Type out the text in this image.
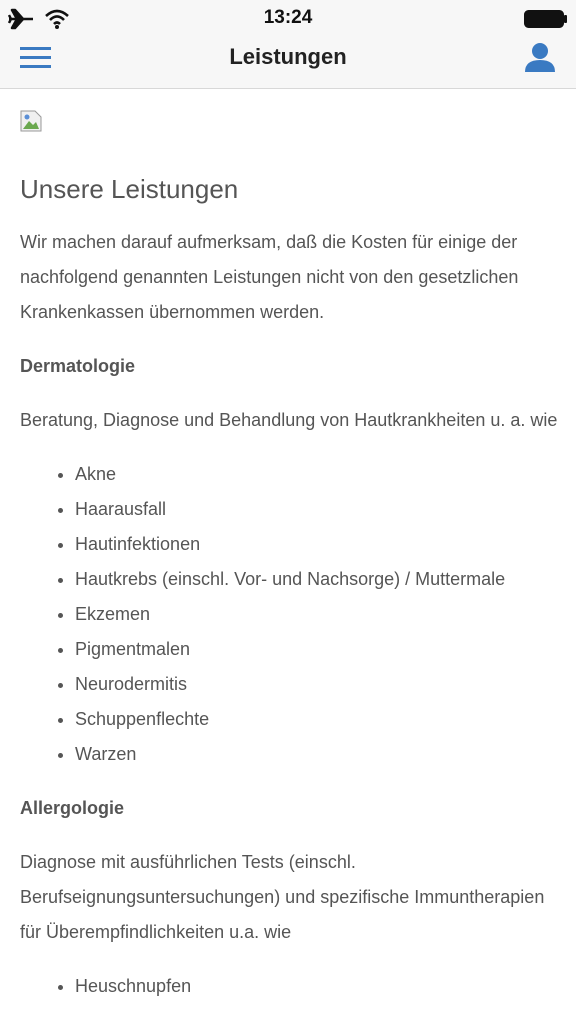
13:24
Leistungen
Unsere Leistungen

Wir machen darauf aufmerksam, daß die Kosten für einige der nachfolgend genannten Leistungen nicht von den gesetzlichen Krankenkassen übernommen werden.

Dermatologie

Beratung, Diagnose und Behandlung von Hautkrankheiten u. a. wie

• Akne
• Haarausfall
• Hautinfektionen
• Hautkrebs (einschl. Vor- und Nachsorge) / Muttermale
• Ekzemen
• Pigmentmalen
• Neurodermitis
• Schuppenflechte
• Warzen

Allergologie

Diagnose mit ausführlichen Tests (einschl. Berufseignungsuntersuchungen) und spezifische Immuntherapien für Überempfindlichkeiten u.a. wie

• Heuschnupfen
